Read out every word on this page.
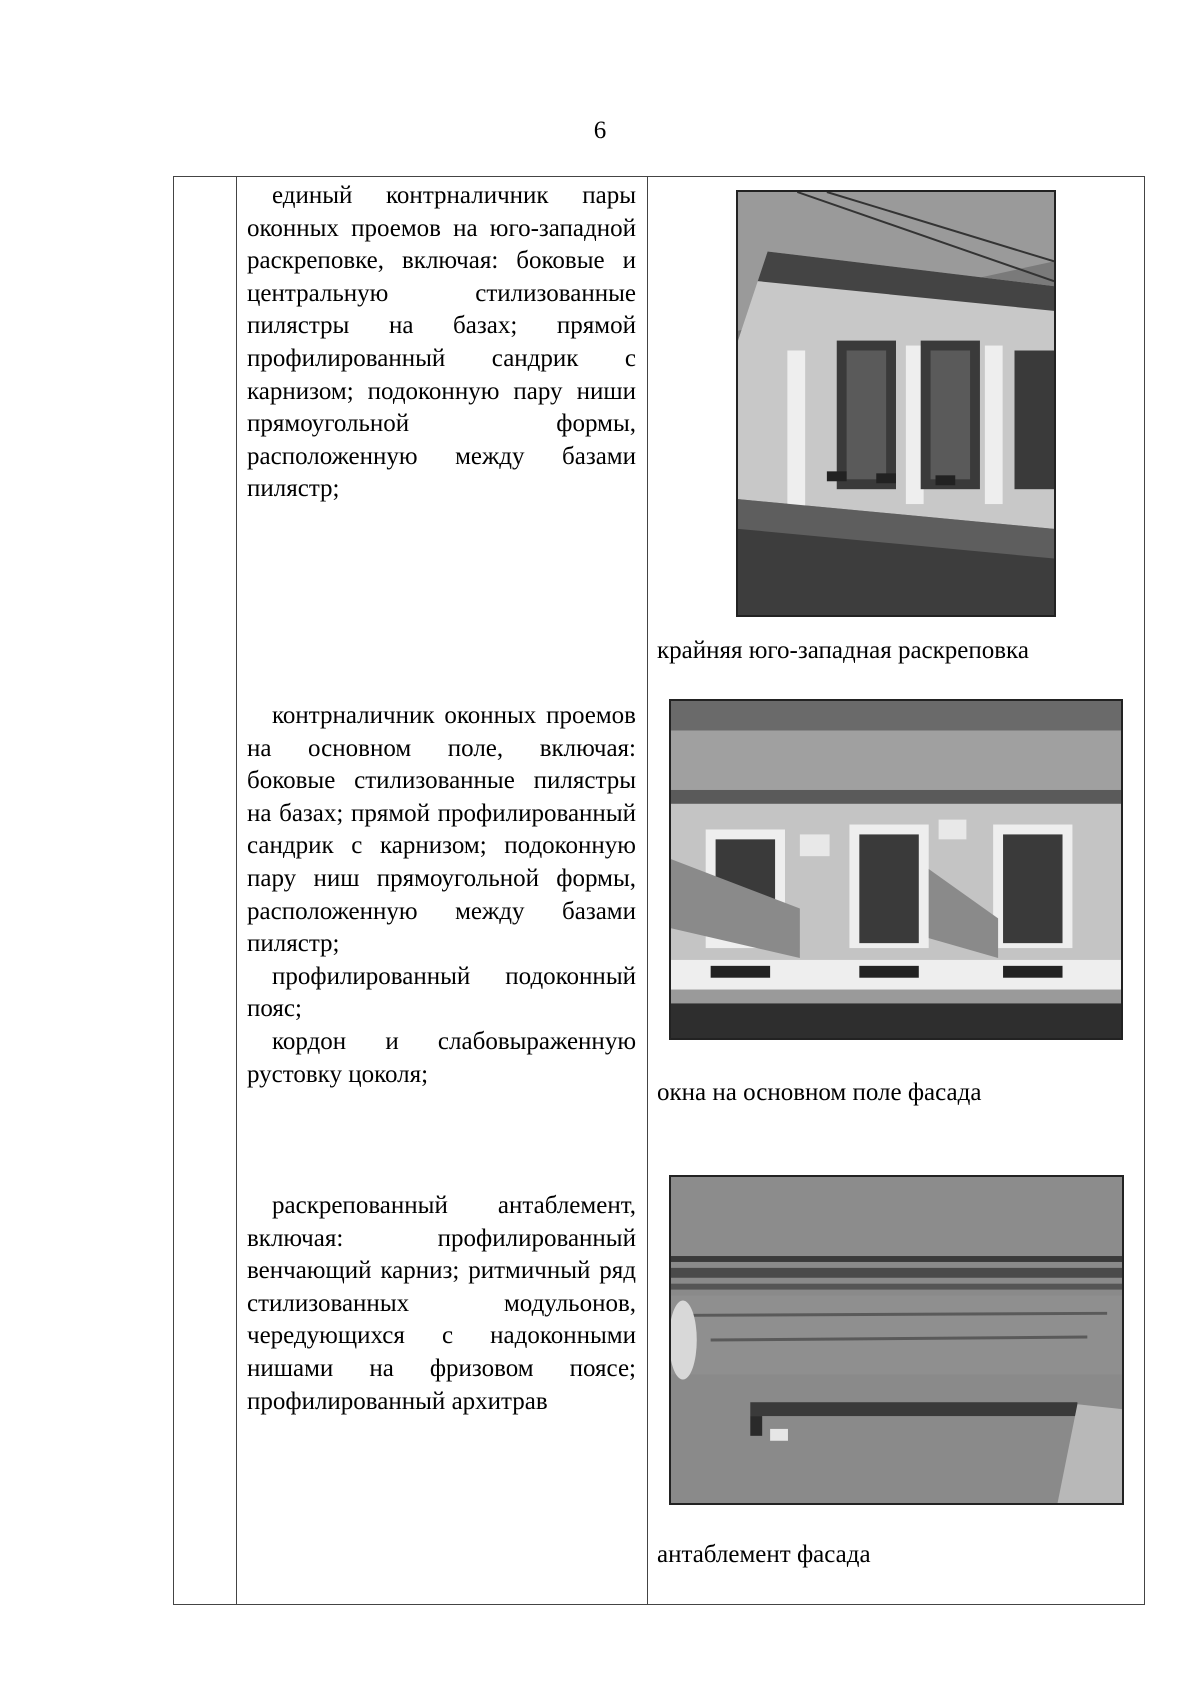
6

единый контрналичник пары оконных проемов на юго-западной раскреповке, включая: боковые и центральную стилизованные пилястры на базах; прямой профилированный сандрик с карнизом; подоконную пару ниши прямоугольной формы, расположенную между базами пилястр;

крайняя юго-западная раскреповка

контрналичник оконных проемов на основном поле, включая: боковые стилизованные пилястры на базах; прямой профилированный сандрик с карнизом; подоконную пару ниш прямоугольной формы, расположенную между базами пилястр;

профилированный подоконный пояс;

кордон и слабовыраженную рустовку цоколя;

окна на основном поле фасада

раскрепованный антаблемент, включая: профилированный венчающий карниз; ритмичный ряд стилизованных модульонов, чередующихся с надоконными нишами на фризовом поясе; профилированный архитрав

антаблемент фасада
